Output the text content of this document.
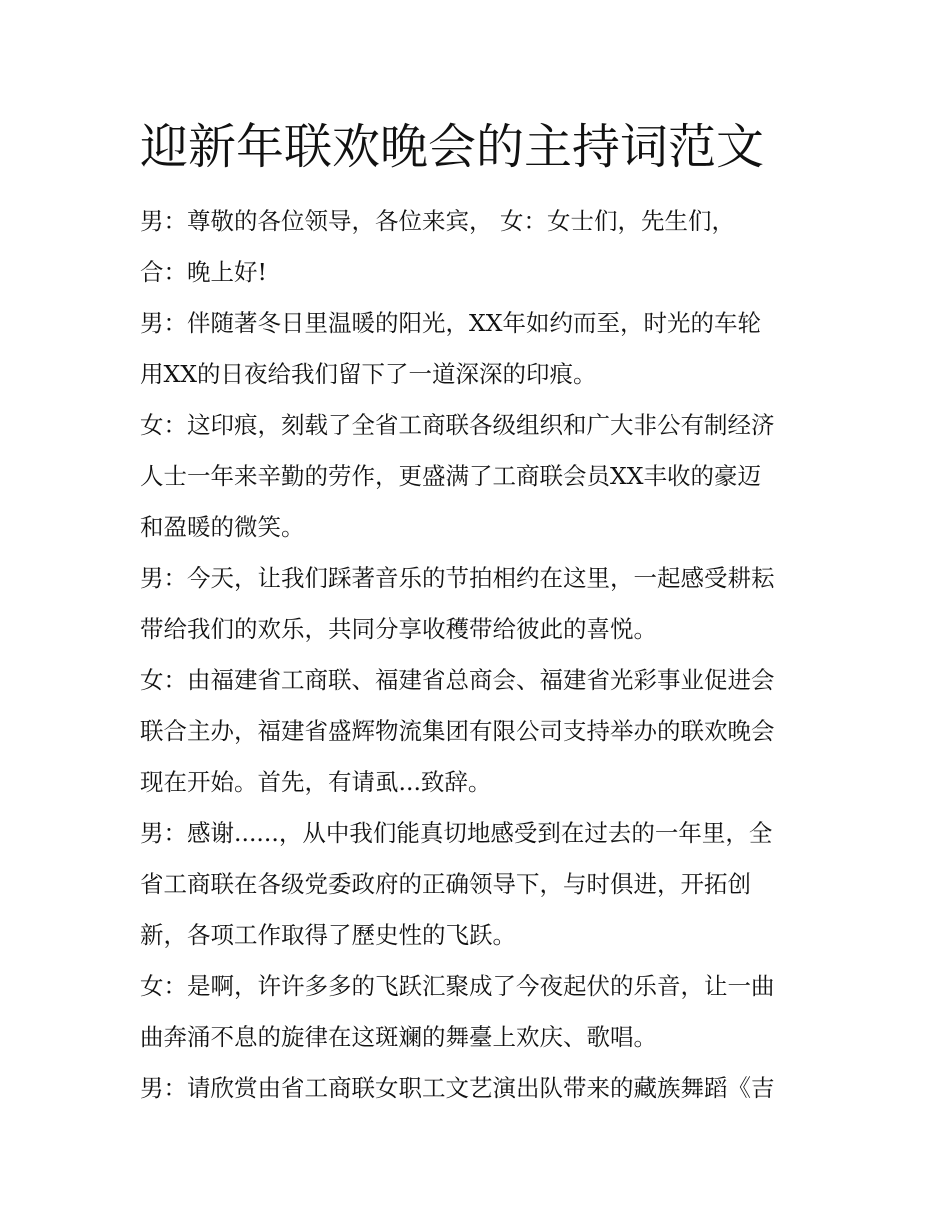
迎新年联欢晚会的主持词范文

男：尊敬的各位领导，各位来宾， 女：女士们，先生们，

合：晚上好!

男：伴随著冬日里温暖的阳光，XX年如约而至，时光的车轮

用XX的日夜给我们留下了一道深深的印痕。

女：这印痕，刻载了全省工商联各级组织和广大非公有制经济

人士一年来辛勤的劳作，更盛满了工商联会员XX丰收的豪迈

和盈暖的微笑。

男：今天，让我们踩著音乐的节拍相约在这里，一起感受耕耘

带给我们的欢乐，共同分享收穫带给彼此的喜悦。

女：由福建省工商联、福建省总商会、福建省光彩事业促进会

联合主办，福建省盛辉物流集团有限公司支持举办的联欢晚会

现在开始。首先，有请虱...致辞。

男：感谢......，从中我们能真切地感受到在过去的一年里，全

省工商联在各级党委政府的正确领导下，与时俱进，开拓创

新，各项工作取得了歷史性的飞跃。

女：是啊，许许多多的飞跃汇聚成了今夜起伏的乐音，让一曲

曲奔涌不息的旋律在这斑斓的舞臺上欢庆、歌唱。

男：请欣赏由省工商联女职工文艺演出队带来的藏族舞蹈《吉
